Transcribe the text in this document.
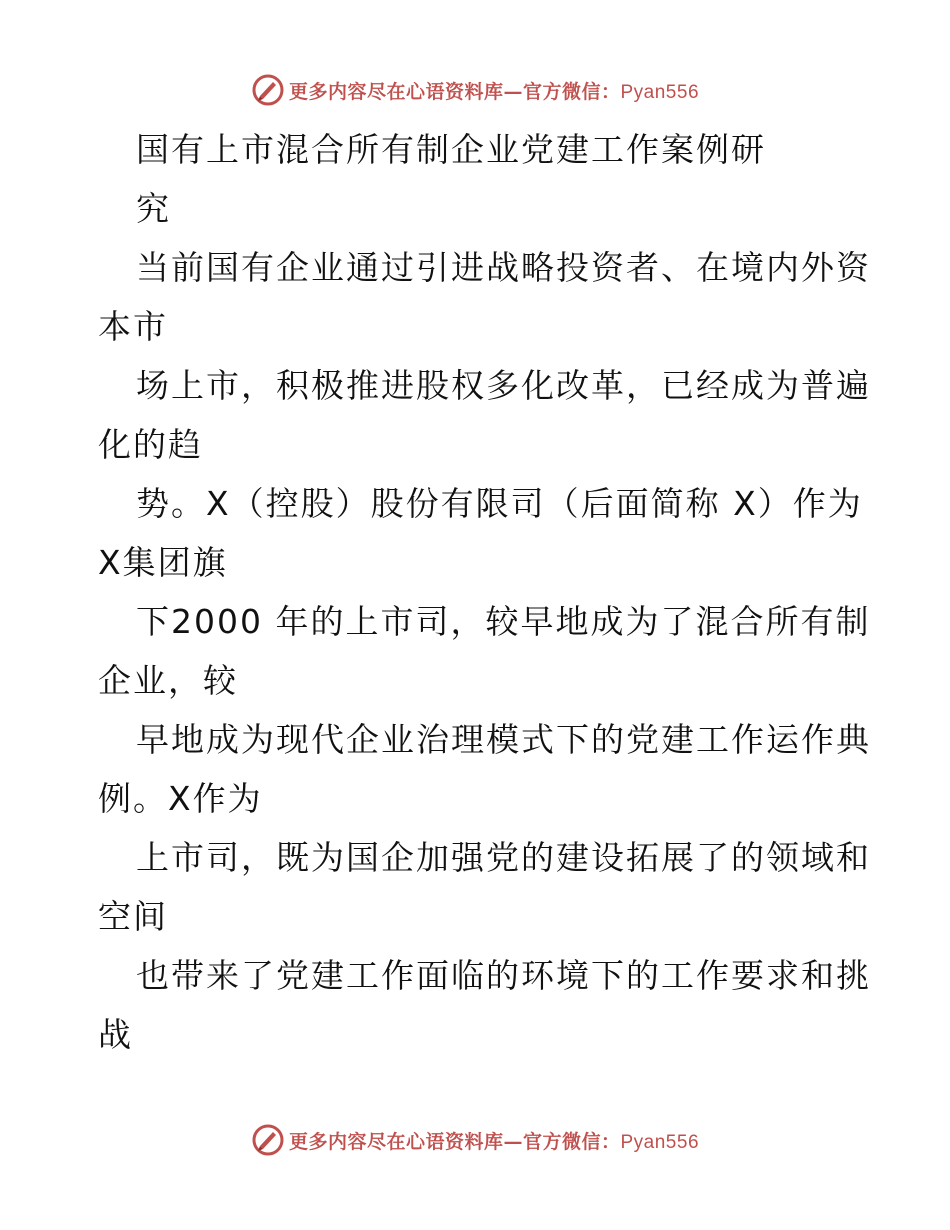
更多内容尽在心语资料库—官方微信：Pyan556
国有上市混合所有制企业党建工作案例研
究
当前国有企业通过引进战略投资者、在境内外资
本市
场上市，积极推进股权多化改革，已经成为普遍
化的趋
势。X（控股）股份有限司（后面简称 X）作为
X集团旗
下2000 年的上市司，较早地成为了混合所有制
企业，较
早地成为现代企业治理模式下的党建工作运作典
例。X作为
上市司，既为国企加强党的建设拓展了的领域和
空间
也带来了党建工作面临的环境下的工作要求和挑
战
更多内容尽在心语资料库—官方微信：Pyan556
